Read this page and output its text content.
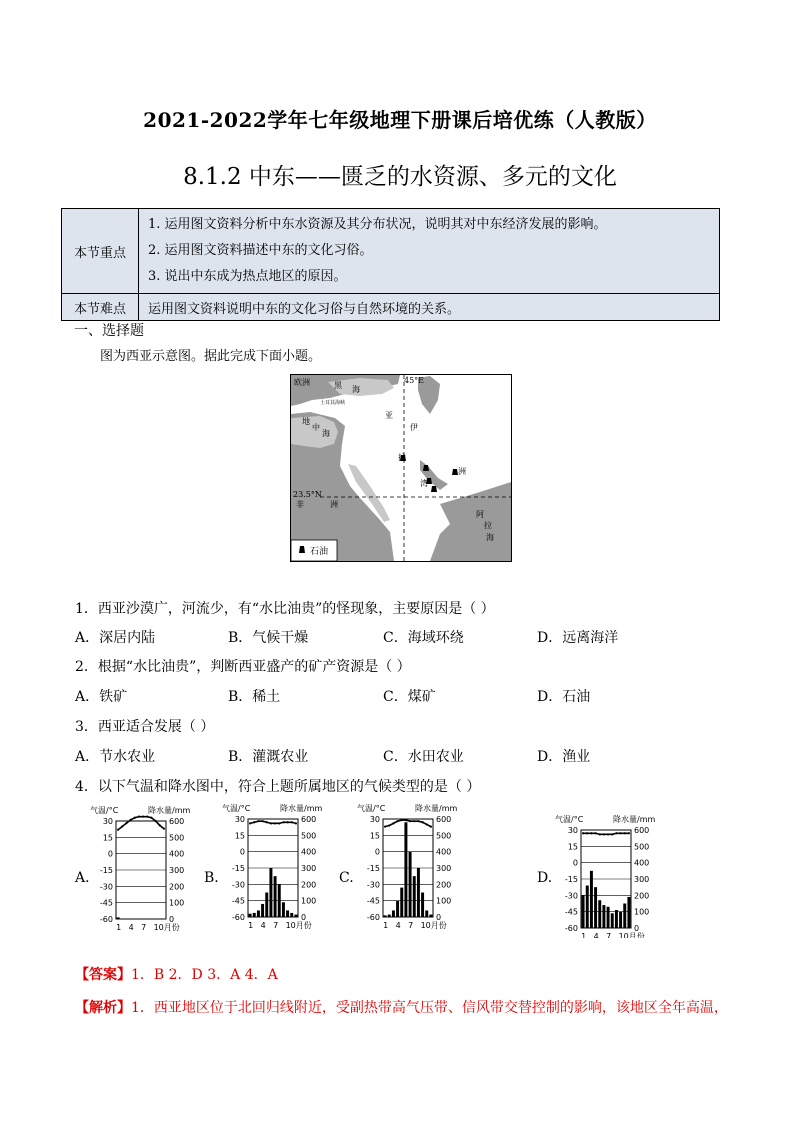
2021-2022学年七年级地理下册课后培优练（人教版）
8.1.2 中东——匮乏的水资源、多元的文化
本节重点	1. 运用图文资料分析中东水资源及其分布状况，说明其对中东经济发展的影响。
2. 运用图文资料描述中东的文化习俗。
3. 说出中东成为热点地区的原因。

本节难点	运用图文资料说明中东的文化习俗与自然环境的关系。
一、选择题
图为西亚示意图。据此完成下面小题。
欧洲	黑 海
45°E
土耳其海峡
地
中
海
亚
伊
拉
湾
洲
23.5°N
非	洲
阿
拉
海
石油
1．西亚沙漠广，河流少，有“水比油贵”的怪现象，主要原因是（ ）
A．深居内陆	B．气候干燥	C．海域环绕	D．远离海洋
2．根据“水比油贵”，判断西亚盛产的矿产资源是（ ）
A．铁矿	B．稀土	C．煤矿	D．石油
3．西亚适合发展（ ）
A．节水农业	B．灌溉农业	C．水田农业	D．渔业
4．以下气温和降水图中，符合上题所属地区的气候类型的是（ ）
A.	B.	C.	D.
气温/°C	降水量/mm
30	600
15	500
0	400
-15	300
-30	200
-45	100
-60	0
1 4 7 10月份
气温/°C	降水量/mm
30	600
15	500
0	400
-15	300
-30	200
-45	100
-60	0
1 4 7 10月份
气温/°C	降水量/mm
30	600
15	500
0	400
-15	300
-30	200
-45	100
-60	0
1 4 7 10月份
气温/°C	降水量/mm
30	600
15	500
0	400
-15	300
-30	200
-45	100
-60	0
1 4 7 10月份
【答案】1．B 2．D 3．A 4．A
【解析】1．西亚地区位于北回归线附近，受副热带高气压带、信风带交替控制的影响，该地区全年高温，
